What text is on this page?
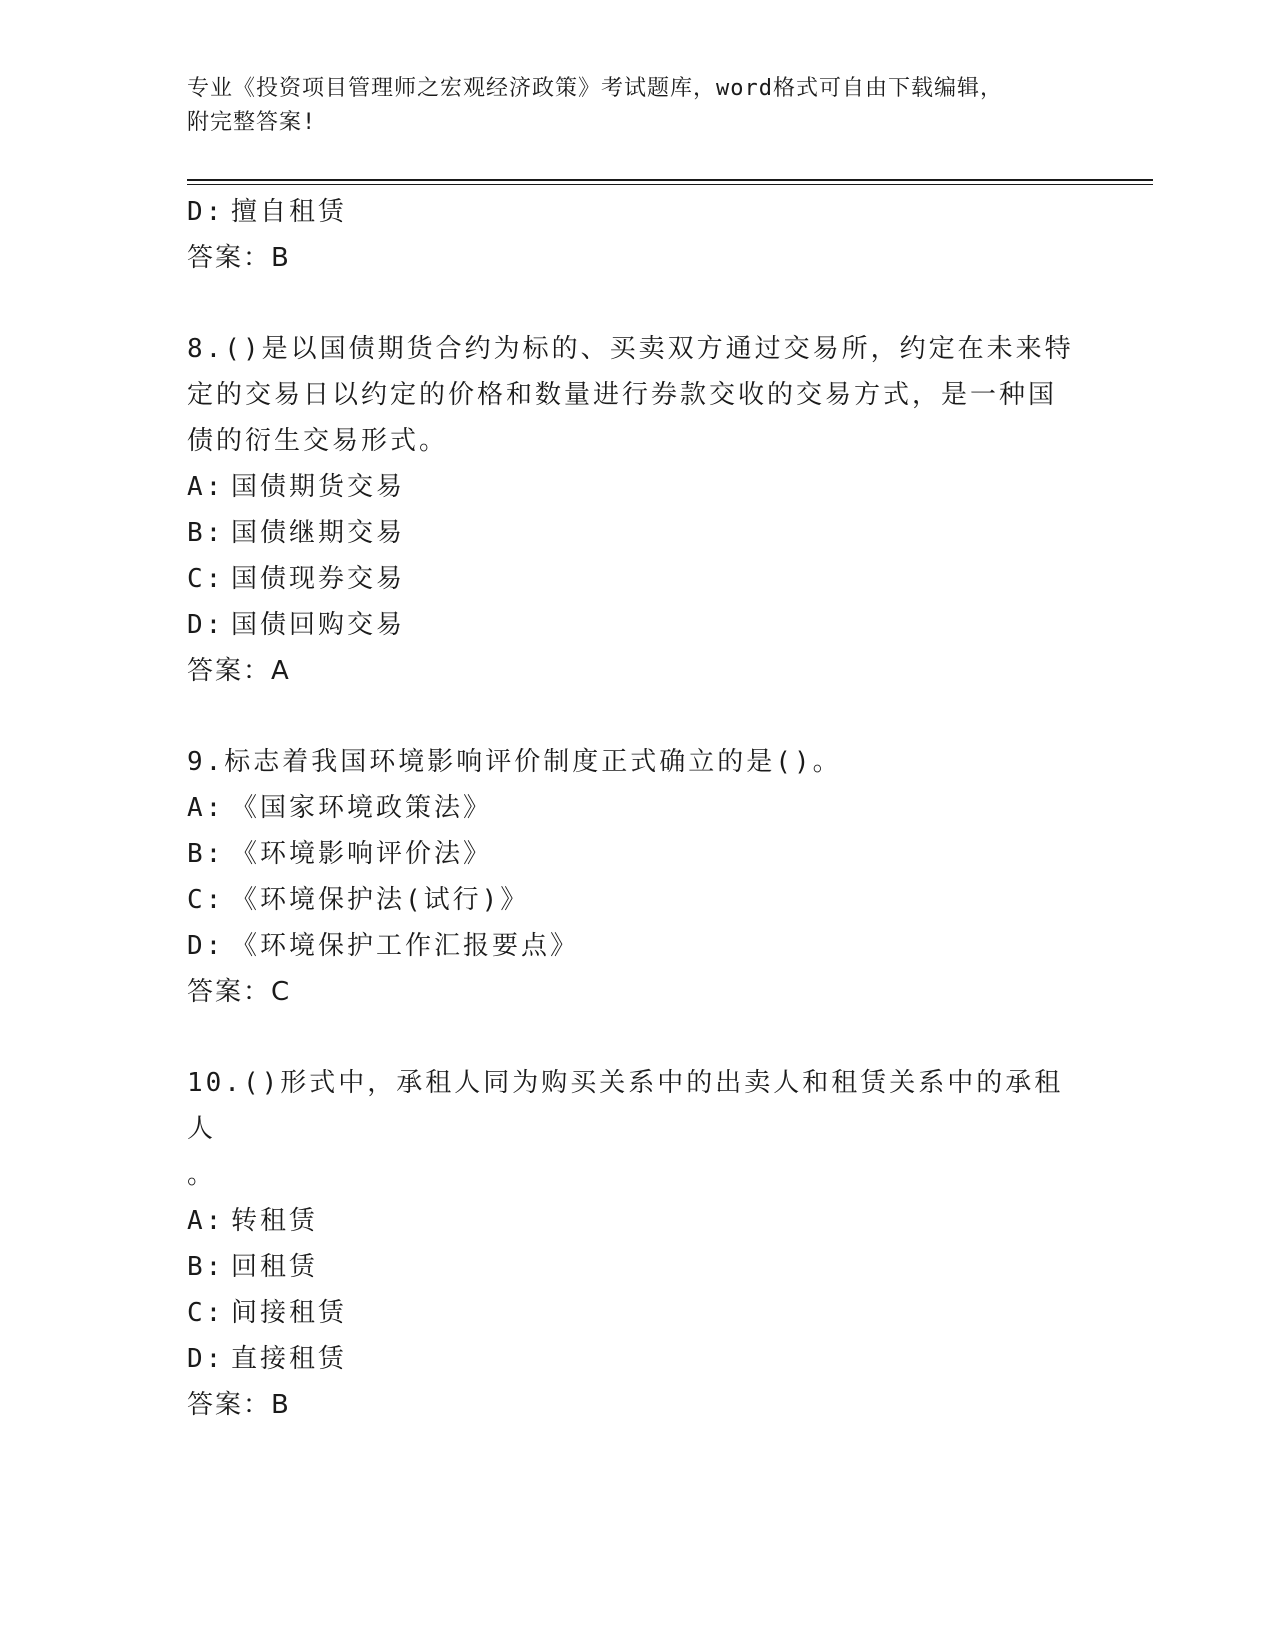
专业《投资项目管理师之宏观经济政策》考试题库，word格式可自由下载编辑，
附完整答案!
D: 擅自租赁
答案：B
8.()是以国债期货合约为标的、买卖双方通过交易所，约定在未来特
定的交易日以约定的价格和数量进行券款交收的交易方式，是一种国
债的衍生交易形式。
A: 国债期货交易
B: 国债继期交易
C: 国债现券交易
D: 国债回购交易
答案：A
9.标志着我国环境影响评价制度正式确立的是()。
A: 《国家环境政策法》
B: 《环境影响评价法》
C: 《环境保护法(试行)》
D: 《环境保护工作汇报要点》
答案：C
10.()形式中，承租人同为购买关系中的出卖人和租赁关系中的承租人
。
A: 转租赁
B: 回租赁
C: 间接租赁
D: 直接租赁
答案：B
